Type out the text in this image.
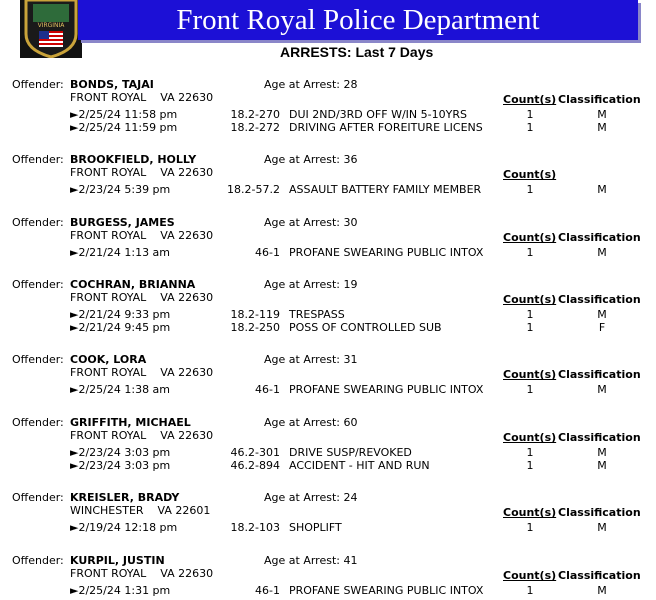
VIRGINIA	Front Royal Police Department
ARRESTS: Last 7 Days
Offender: BONDS, TAJAI
FRONT ROYAL VA 22630
Age at Arrest: 28
Count(s) Classification
►2/25/24 11:58 pm	18.2-270 DUI 2ND/3RD OFF W/IN 5-10YRS	1	M
►2/25/24 11:59 pm	18.2-272 DRIVING AFTER FOREITURE LICENS	1	M
Offender: BROOKFIELD, HOLLY
FRONT ROYAL VA 22630
Age at Arrest: 36
Count(s)
►2/23/24 5:39 pm	18.2-57.2 ASSAULT BATTERY FAMILY MEMBER	1	M
Offender: BURGESS, JAMES
FRONT ROYAL VA 22630
Age at Arrest: 30
Count(s) Classification
►2/21/24 1:13 am	46-1 PROFANE SWEARING PUBLIC INTOX	1	M
Offender: COCHRAN, BRIANNA
FRONT ROYAL VA 22630
Age at Arrest: 19
Count(s) Classification
►2/21/24 9:33 pm	18.2-119 TRESPASS	1	M
►2/21/24 9:45 pm	18.2-250 POSS OF CONTROLLED SUB	1	F
Offender: COOK, LORA
FRONT ROYAL VA 22630
Age at Arrest: 31
Count(s) Classification
►2/25/24 1:38 am	46-1 PROFANE SWEARING PUBLIC INTOX	1	M
Offender: GRIFFITH, MICHAEL
FRONT ROYAL VA 22630
Age at Arrest: 60
Count(s) Classification
►2/23/24 3:03 pm	46.2-301 DRIVE SUSP/REVOKED	1	M
►2/23/24 3:03 pm	46.2-894 ACCIDENT - HIT AND RUN	1	M
Offender: KREISLER, BRADY
WINCHESTER VA 22601
Age at Arrest: 24
Count(s) Classification
►2/19/24 12:18 pm	18.2-103 SHOPLIFT	1	M
Offender: KURPIL, JUSTIN
FRONT ROYAL VA 22630
Age at Arrest: 41
Count(s) Classification
►2/25/24 1:31 pm	46-1 PROFANE SWEARING PUBLIC INTOX	1	M
